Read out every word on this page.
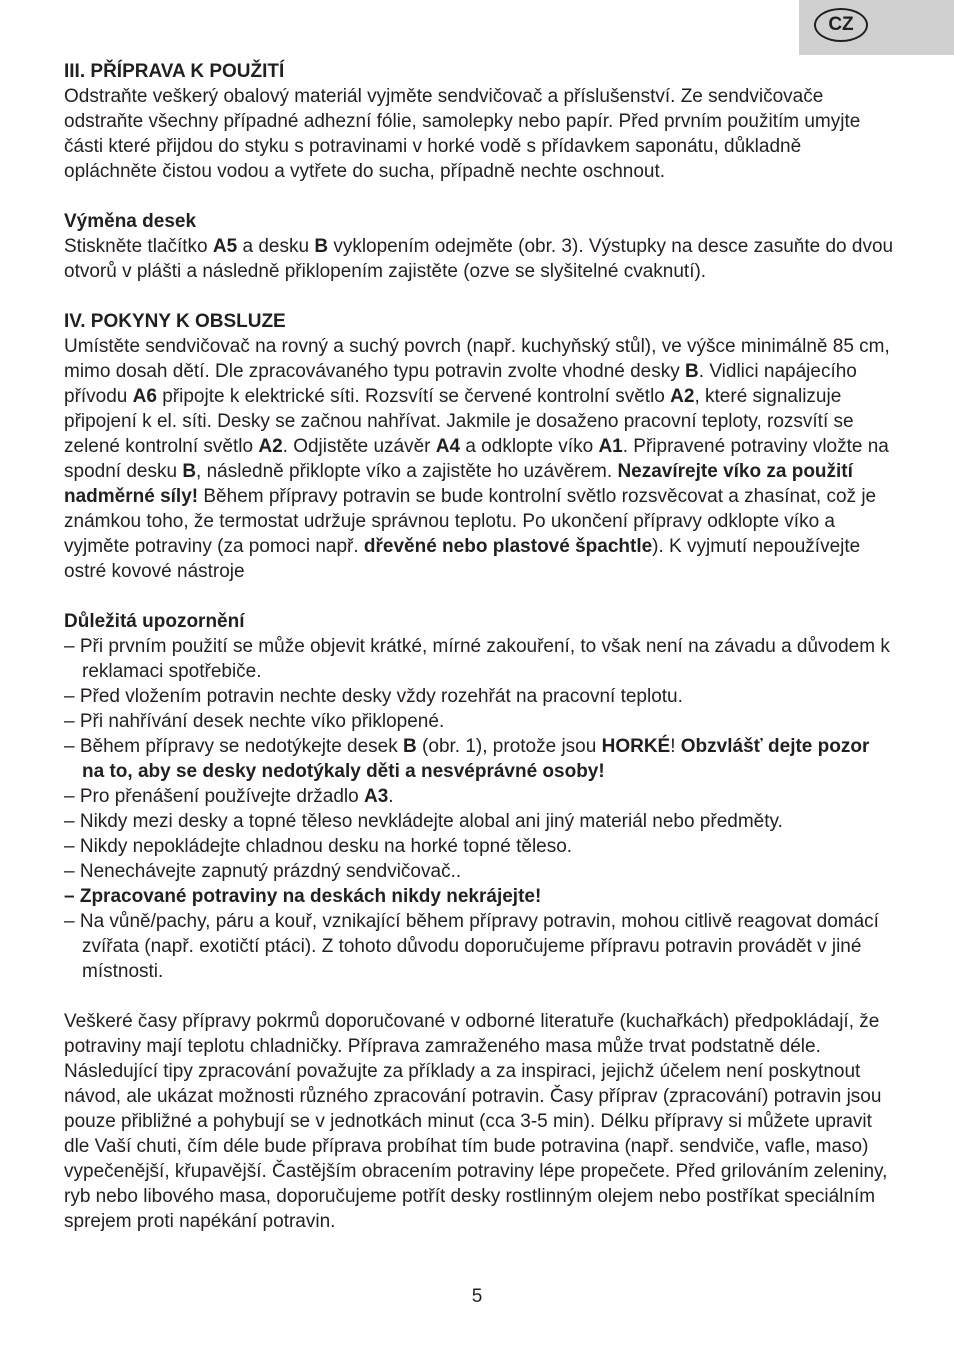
CZ
III. PŘÍPRAVA K POUŽITÍ

Odstraňte veškerý obalový materiál vyjměte sendvičovač a příslušenství. Ze sendvičovače odstraňte všechny případné adhezní fólie, samolepky nebo papír. Před prvním použitím umyjte části které přijdou do styku s potravinami v horké vodě s přídavkem saponátu, důkladně opláchněte čistou vodou a vytřete do sucha, případně nechte oschnout.

Výměna desek

Stiskněte tlačítko A5 a desku B vyklopením odejměte (obr. 3). Výstupky na desce zasuňte do dvou otvorů v plášti a následně přiklopením zajistěte (ozve se slyšitelné cvaknutí).

IV. POKYNY K OBSLUZE

Umístěte sendvičovač na rovný a suchý povrch (např. kuchyňský stůl), ve výšce minimálně 85 cm, mimo dosah dětí. Dle zpracovávaného typu potravin zvolte vhodné desky B. Vidlici napájecího přívodu A6 připojte k elektrické síti. Rozsvítí se červené kontrolní světlo A2, které signalizuje připojení k el. síti. Desky se začnou nahřívat. Jakmile je dosaženo pracovní teploty, rozsvítí se zelené kontrolní světlo A2. Odjistěte uzávěr A4 a odklopte víko A1. Připravené potraviny vložte na spodní desku B, následně přiklopte víko a zajistěte ho uzávěrem. Nezavírejte víko za použití nadměrné síly! Během přípravy potravin se bude kontrolní světlo rozsvěcovat a zhasínat, což je známkou toho, že termostat udržuje správnou teplotu. Po ukončení přípravy odklopte víko a vyjměte potraviny (za pomoci např. dřevěné nebo plastové špachtle). K vyjmutí nepoužívejte ostré kovové nástroje

Důležitá upozornění
– Při prvním použití se může objevit krátké, mírné zakouření, to však není na závadu a důvodem k reklamaci spotřebiče.
– Před vložením potravin nechte desky vždy rozehřát na pracovní teplotu.
– Při nahřívání desek nechte víko přiklopené.
– Během přípravy se nedotýkejte desek B (obr. 1), protože jsou HORKÉ! Obzvlášť dejte pozor na to, aby se desky nedotýkaly děti a nesvéprávné osoby!
– Pro přenášení používejte držadlo A3.
– Nikdy mezi desky a topné těleso nevkládejte alobal ani jiný materiál nebo předměty.
– Nikdy nepokládejte chladnou desku na horké topné těleso.
– Nenechávejte zapnutý prázdný sendvičovač..
– Zpracované potraviny na deskách nikdy nekrájejte!
– Na vůně/pachy, páru a kouř, vznikající během přípravy potravin, mohou citlivě reagovat domácí zvířata (např. exotičtí ptáci). Z tohoto důvodu doporučujeme přípravu potravin provádět v jiné místnosti.

Veškeré časy přípravy pokrmů doporučované v odborné literatuře (kuchařkách) předpokládají, že potraviny mají teplotu chladničky. Příprava zamraženého masa může trvat podstatně déle.

Následující tipy zpracování považujte za příklady a za inspiraci, jejichž účelem není poskytnout návod, ale ukázat možnosti různého zpracování potravin. Časy příprav (zpracování) potravin jsou pouze přibližné a pohybují se v jednotkách minut (cca 3-5 min). Délku přípravy si můžete upravit dle Vaší chuti, čím déle bude příprava probíhat tím bude potravina (např. sendviče, vafle, maso) vypečenější, křupavější. Častějším obracením potraviny lépe propečete. Před grilováním zeleniny, ryb nebo libového masa, doporučujeme potřít desky rostlinným olejem nebo postříkat speciálním sprejem proti napékání potravin.

5
